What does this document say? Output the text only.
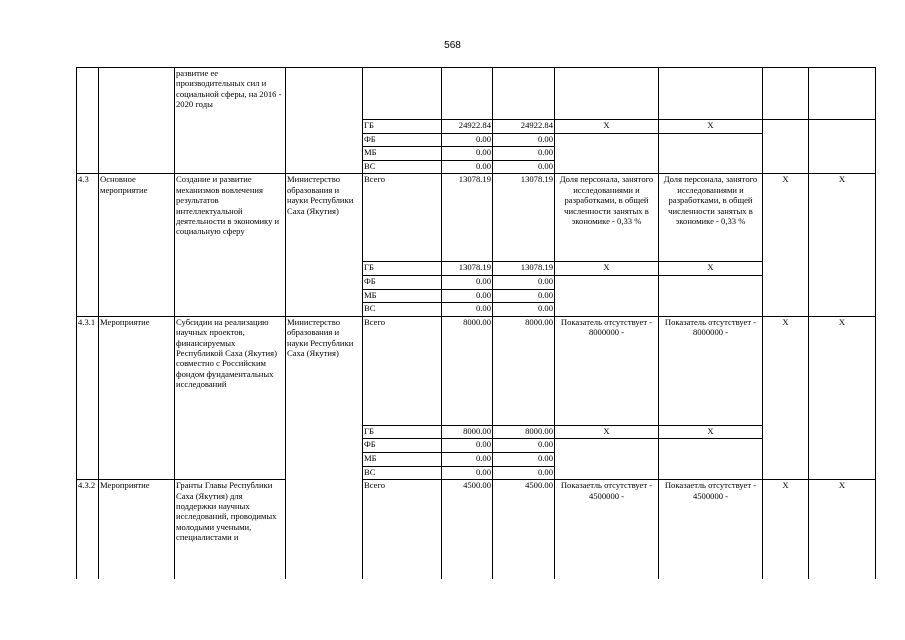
568
		развитие ее производительных сил и социальной сферы, на 2016 - 2020 годы								
				ГБ	24922.84	24922.84	Х	Х		
				ФБ	0.00	0.00				
				МБ	0.00	0.00				
				ВС	0.00	0.00				
4.3	Основное мероприятие	Создание и развитие механизмов вовлечения результатов интеллектуальной деятельности в экономику и социальную сферу	Министерство образования и науки Республики Саха (Якутия)	Всего	13078.19	13078.19	Доля персонала, занятого исследованиями и разработками, в общей численности занятых в экономике - 0,33 %	Доля персонала, занятого исследованиями и разработками, в общей численности занятых в экономике - 0,33 %	Х	Х
				ГБ	13078.19	13078.19	Х	Х		
				ФБ	0.00	0.00				
				МБ	0.00	0.00				
				ВС	0.00	0.00				
4.3.1	Мероприятие	Субсидии на реализацию научных проектов, финансируемых Республикой Саха (Якутия) совместно с Российским фондом фундаментальных исследований	Министерство образования и науки Республики Саха (Якутия)	Всего	8000.00	8000.00	Показатель отсутствует - 8000000 -	Показатель отсутствует - 8000000 -	Х	Х
				ГБ	8000.00	8000.00	Х	Х		
				ФБ	0.00	0.00				
				МБ	0.00	0.00				
				ВС	0.00	0.00				
4.3.2	Мероприятие	Гранты Главы Республики Саха (Якутия) для поддержки научных исследований, проводимых молодыми учеными, специалистами и		Всего	4500.00	4500.00	Показаетль отсутствует - 4500000 -	Показаетль отсутствует - 4500000 -	Х	Х
